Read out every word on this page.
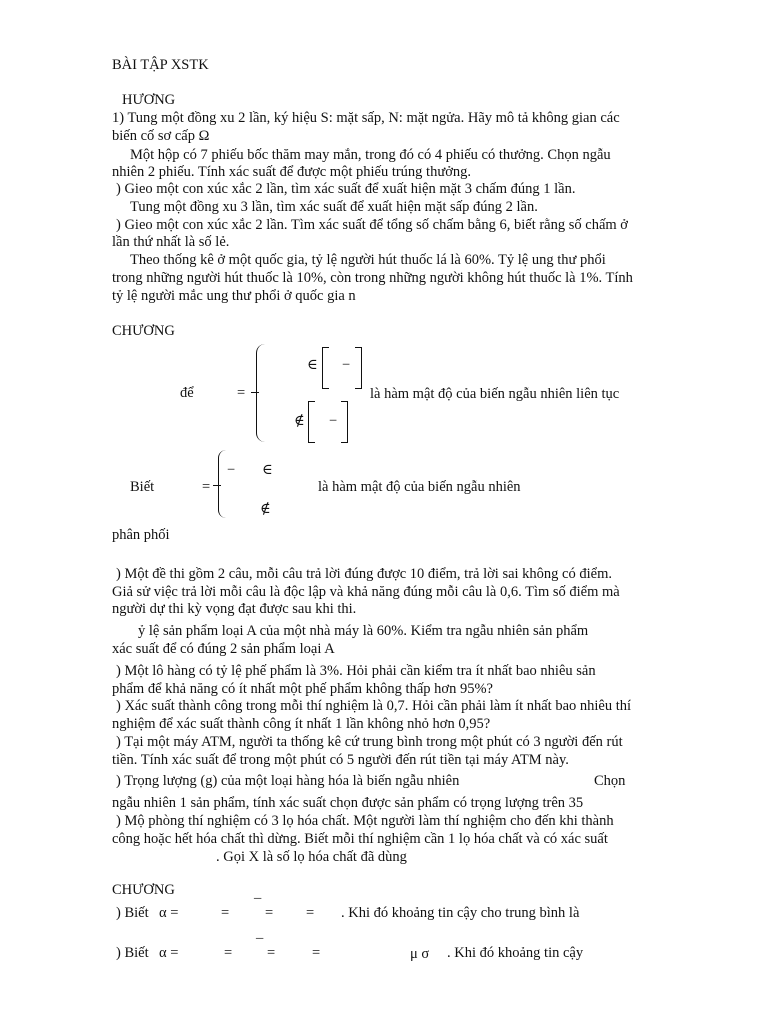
BÀI TẬP XSTK
HƯƠNG
1) Tung một đồng xu 2 lần, ký hiệu S: mặt sấp, N: mặt ngửa. Hãy mô tả không gian các
biến cố sơ cấp Ω
Một hộp có 7 phiếu bốc thăm may mắn, trong đó có 4 phiếu có thưởng. Chọn ngẫu
nhiên 2 phiếu. Tính xác suất để được một phiếu trúng thưởng.
) Gieo một con xúc xắc 2 lần, tìm xác suất để xuất hiện mặt 3 chấm đúng 1 lần.
Tung một đồng xu 3 lần, tìm xác suất để xuất hiện mặt sấp đúng 2 lần.
) Gieo một con xúc xắc 2 lần. Tìm xác suất để tổng số chấm bằng 6, biết rằng số chấm ở
lần thứ nhất là số lẻ.
Theo thống kê ở một quốc gia, tỷ lệ người hút thuốc lá là 60%. Tỷ lệ ung thư phổi
trong những người hút thuốc là 10%, còn trong những người không hút thuốc là 1%. Tính
tỷ lệ người mắc ung thư phổi ở quốc gia n
CHƯƠNG
để	=
∈ −
∉ −
là hàm mật độ của biến ngẫu nhiên liên tục
Biết	=
− ∈
∉
là hàm mật độ của biến ngẫu nhiên
phân phối
) Một đề thi gồm 2 câu, mỗi câu trả lời đúng được 10 điểm, trả lời sai không có điểm.
Giả sử việc trả lời mỗi câu là độc lập và khả năng đúng mỗi câu là 0,6. Tìm số điểm mà
người dự thi kỳ vọng đạt được sau khi thi.
ỷ lệ sản phẩm loại A của một nhà máy là 60%. Kiểm tra ngẫu nhiên sản phẩm
xác suất để có đúng 2 sản phẩm loại A
) Một lô hàng có tỷ lệ phế phẩm là 3%. Hỏi phải cần kiểm tra ít nhất bao nhiêu sản
phẩm để khả năng có ít nhất một phế phẩm không thấp hơn 95%?
) Xác suất thành công trong mỗi thí nghiệm là 0,7. Hỏi cần phải làm ít nhất bao nhiêu thí
nghiệm để xác suất thành công ít nhất 1 lần không nhỏ hơn 0,95?
) Tại một máy ATM, người ta thống kê cứ trung bình trong một phút có 3 người đến rút
tiền. Tính xác suất để trong một phút có 5 người đến rút tiền tại máy ATM này.
) Trọng lượng (g) của một loại hàng hóa là biến ngẫu nhiên	Chọn
ngẫu nhiên 1 sản phẩm, tính xác suất chọn được sản phẩm có trọng lượng trên 35
) Mộ phòng thí nghiệm có 3 lọ hóa chất. Một người làm thí nghiệm cho đến khi thành
công hoặc hết hóa chất thì dừng. Biết mỗi thí nghiệm cần 1 lọ hóa chất và có xác suất
. Gọi X là số lọ hóa chất đã dùng
CHƯƠNG
) Biết α =	= ¯ = = . Khi đó khoảng tin cậy cho trung bình là
) Biết α =	= ¯ =	=	μ σ . Khi đó khoảng tin cậy
